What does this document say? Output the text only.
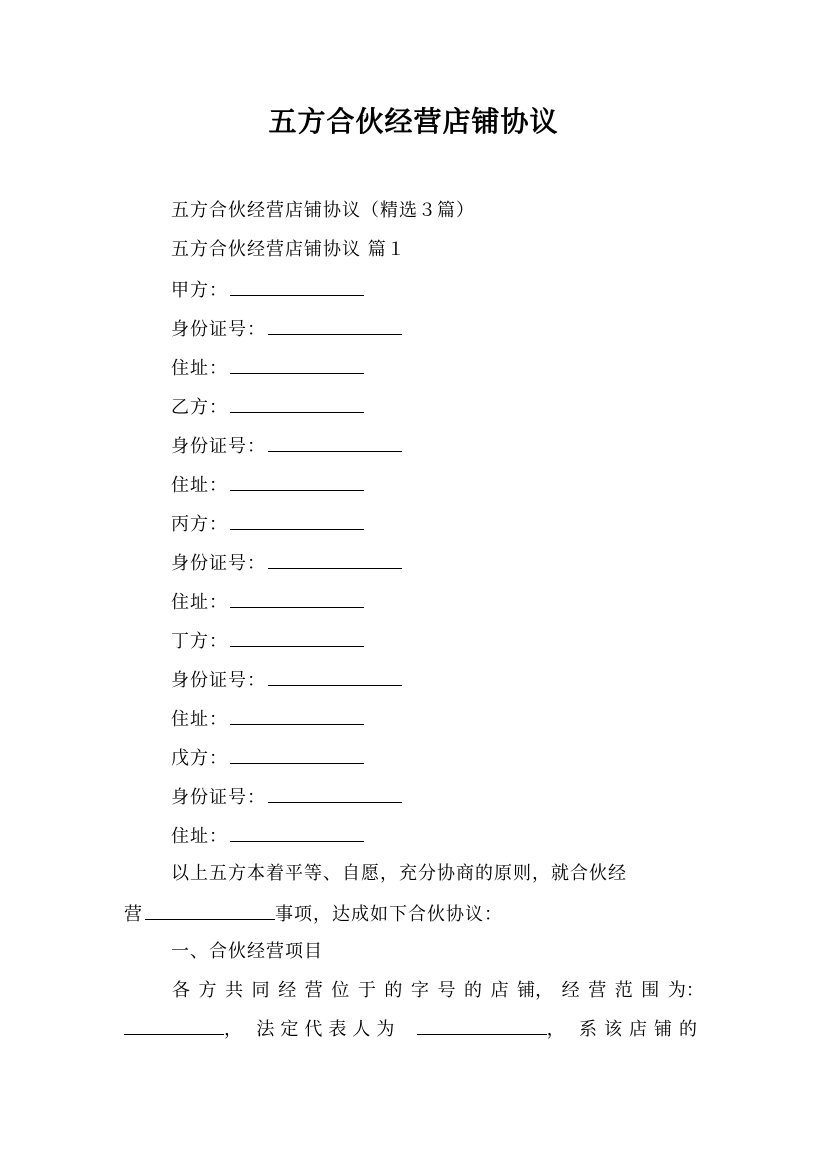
五方合伙经营店铺协议
五方合伙经营店铺协议（精选３篇）
五方合伙经营店铺协议 篇１
甲方：
身份证号：
住址：
乙方：
身份证号：
住址：
丙方：
身份证号：
住址：
丁方：
身份证号：
住址：
戊方：
身份证号：
住址：
以上五方本着平等、自愿，充分协商的原则，就合伙经
营	事项，达成如下合伙协议：
一、合伙经营项目
各 方 共 同 经 营 位 于 的 字 号 的 店 铺， 经 营 范 围 为：
， 法定代表人为	， 系该店铺的
